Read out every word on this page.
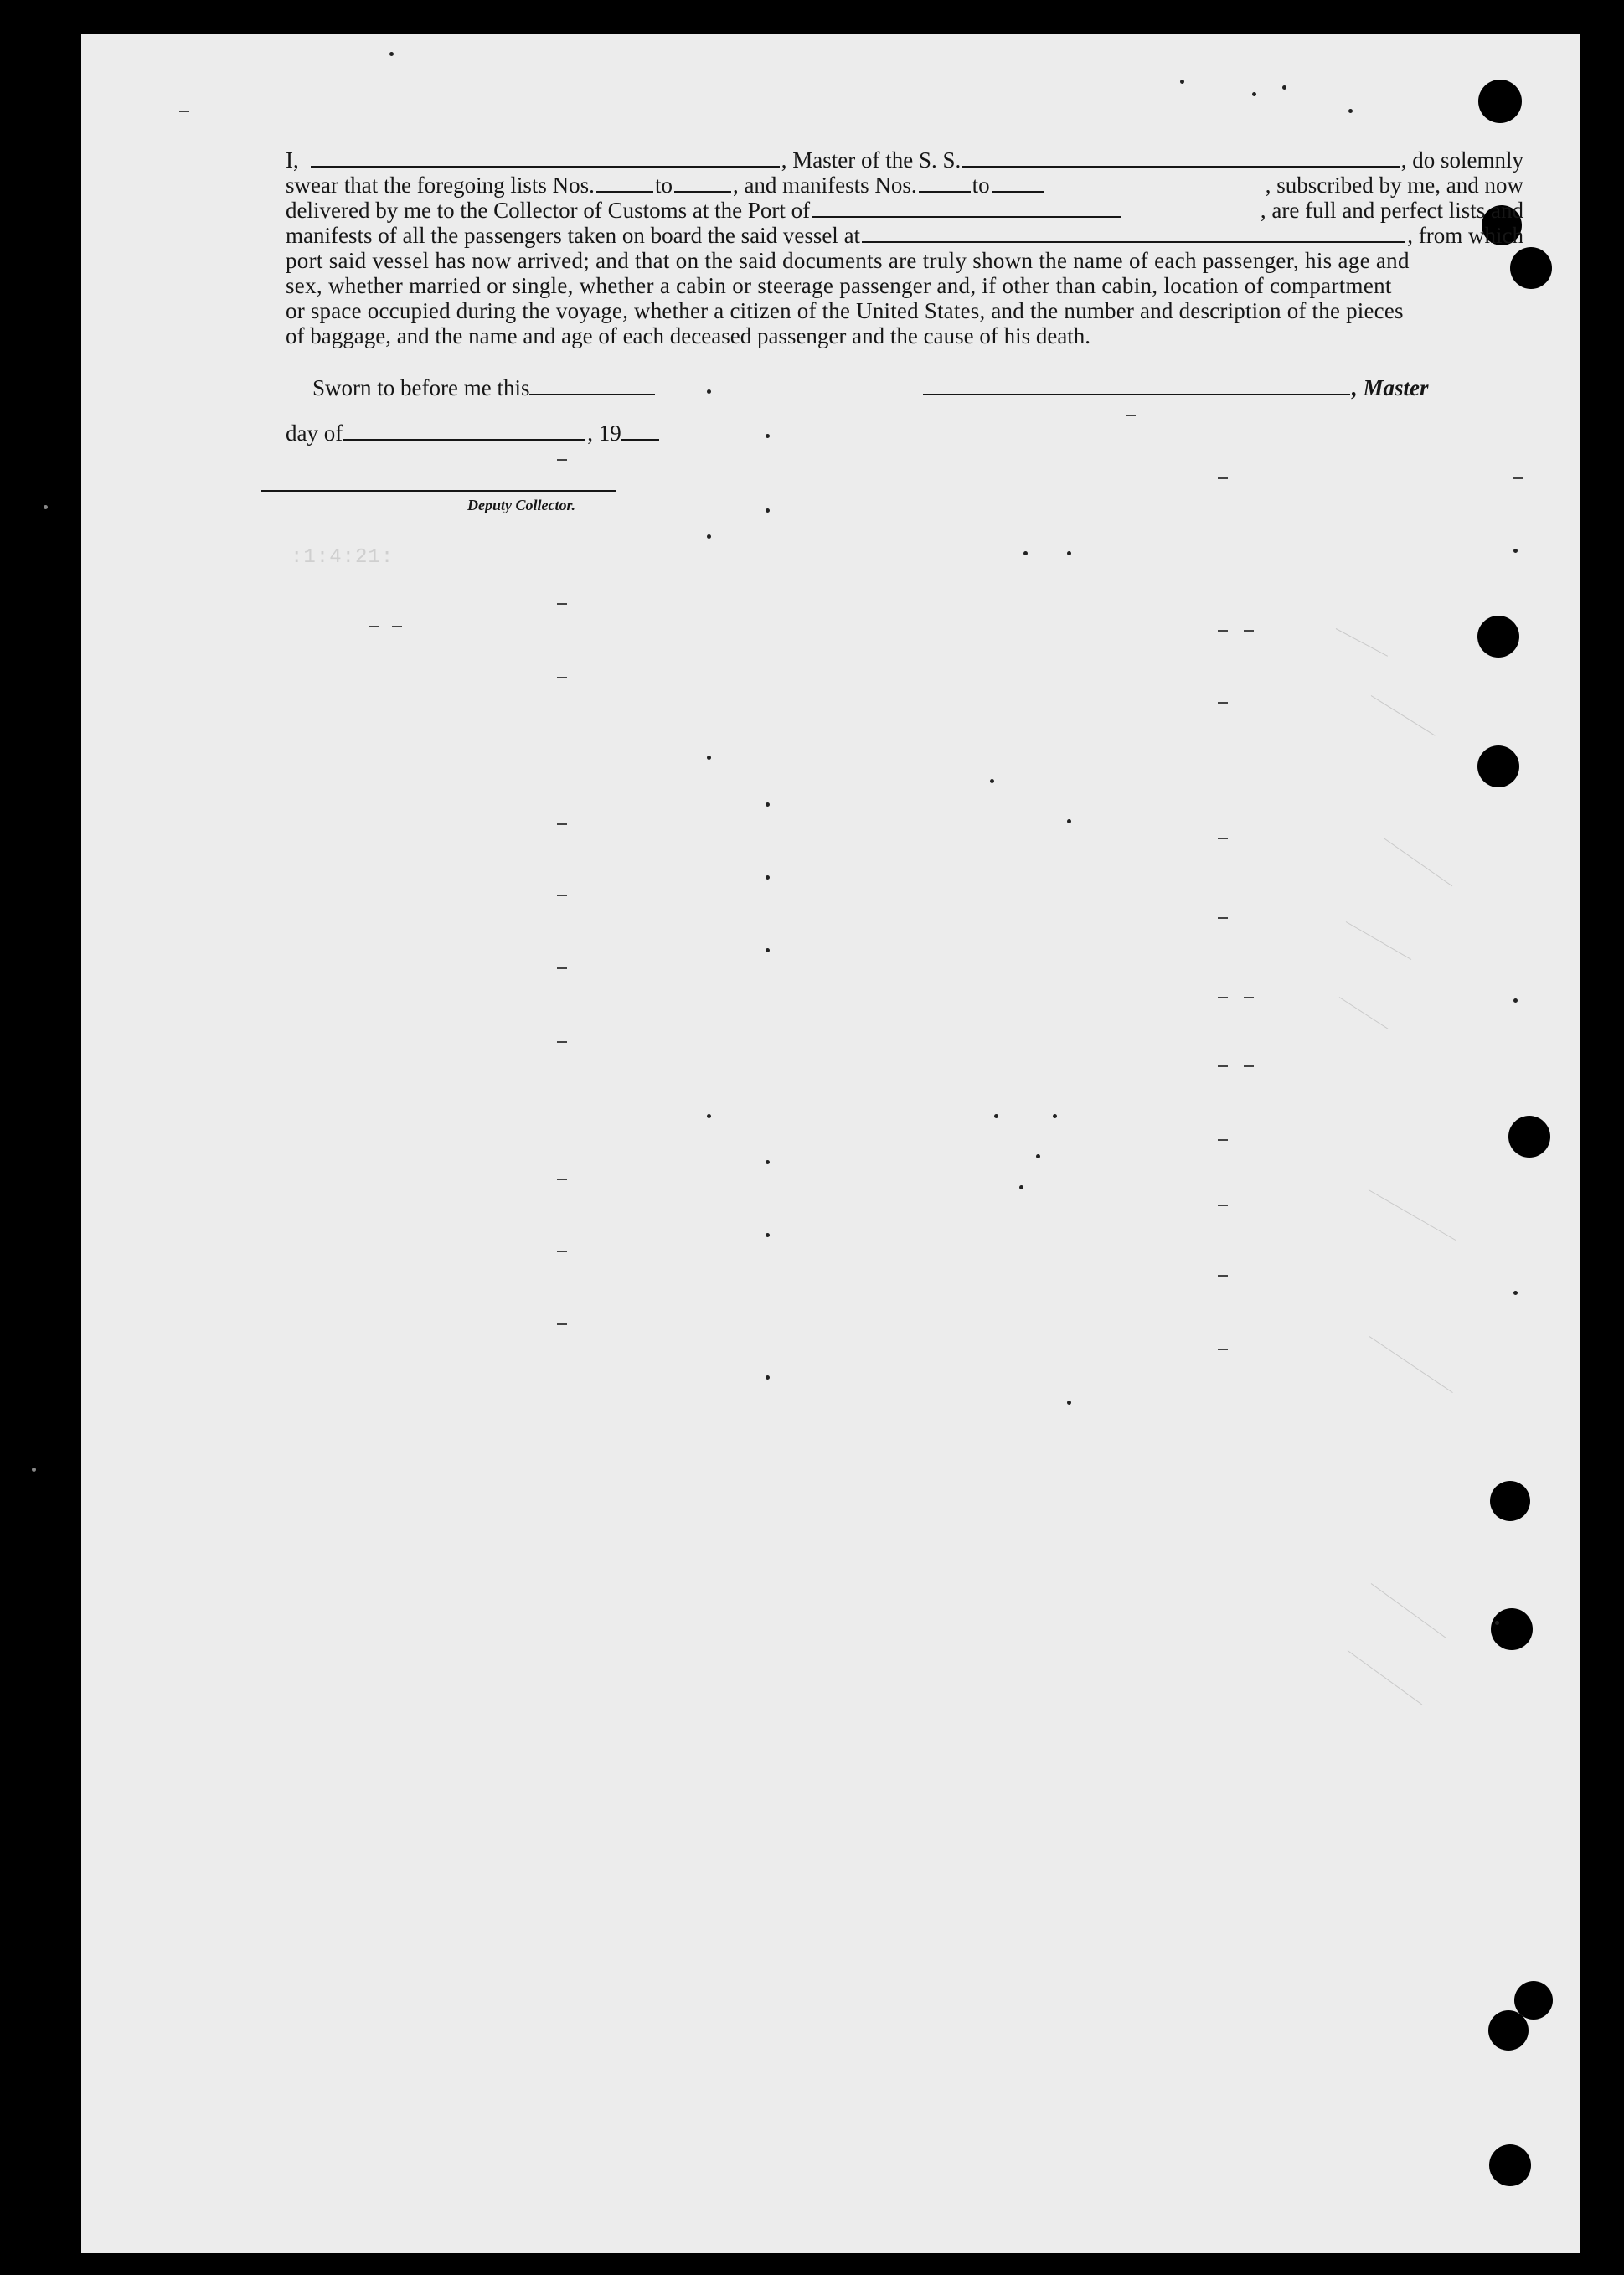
I,	, Master of the S. S.	, do solemnly
swear that the foregoing lists Nos.	to	, and manifests Nos. to	, subscribed by me, and now
delivered by me to the Collector of Customs at the Port of	, are full and perfect lists and
manifests of all the passengers taken on board the said vessel at	, from which
port said vessel has now arrived; and that on the said documents are truly shown the name of each passenger, his age and
sex, whether married or single, whether a cabin or steerage passenger and, if other than cabin, location of compartment
or space occupied during the voyage, whether a citizen of the United States, and the number and description of the pieces
of baggage, and the name and age of each deceased passenger and the cause of his death.
Sworn to before me this	, Master
day of	, 19
Deputy Collector.
:1:4:21:
